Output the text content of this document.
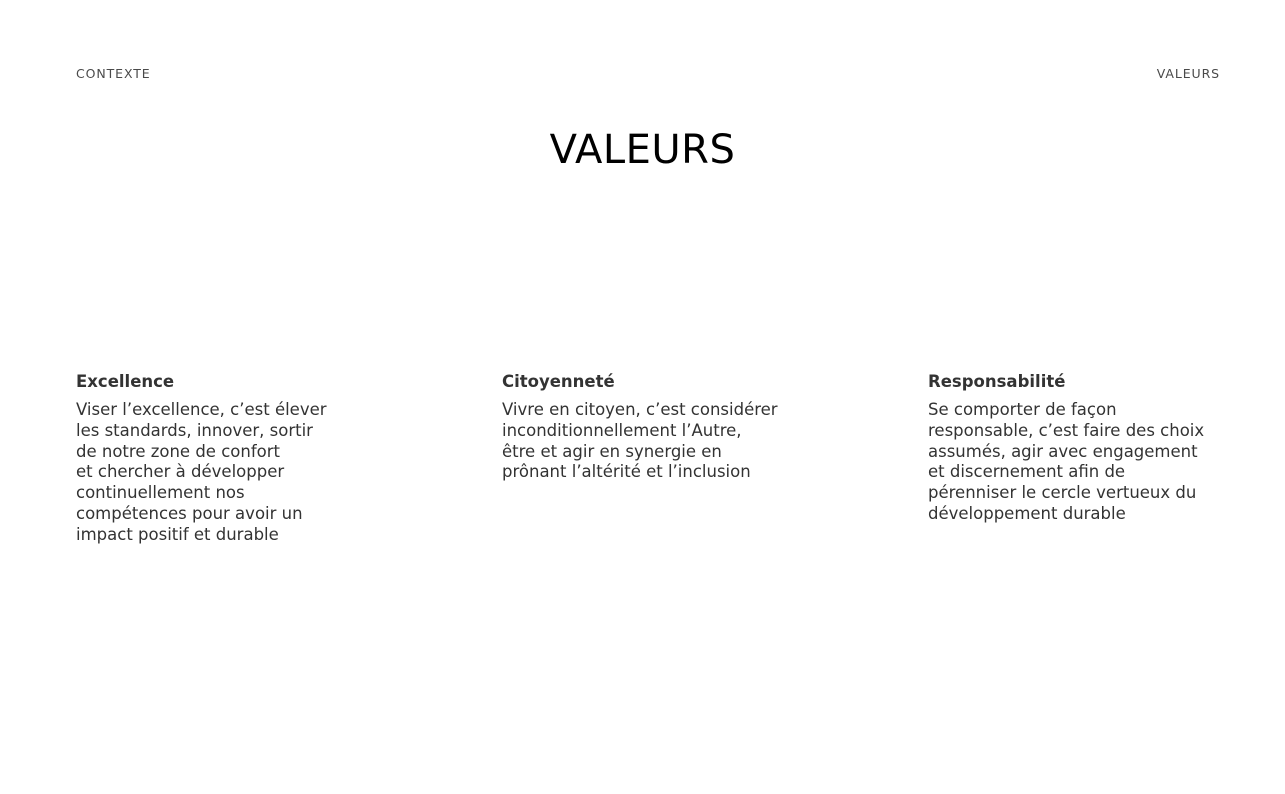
CONTEXTE	VALEURS
VALEURS
Excellence

Viser l’excellence, c’est élever
les standards, innover, sortir
de notre zone de confort
et chercher à développer
continuellement nos
compétences pour avoir un
impact positif et durable

Citoyenneté

Vivre en citoyen, c’est considérer
inconditionnellement l’Autre,
être et agir en synergie en
prônant l’altérité et l’inclusion

Responsabilité

Se comporter de façon
responsable, c’est faire des choix
assumés, agir avec engagement
et discernement afin de
pérenniser le cercle vertueux du
développement durable
